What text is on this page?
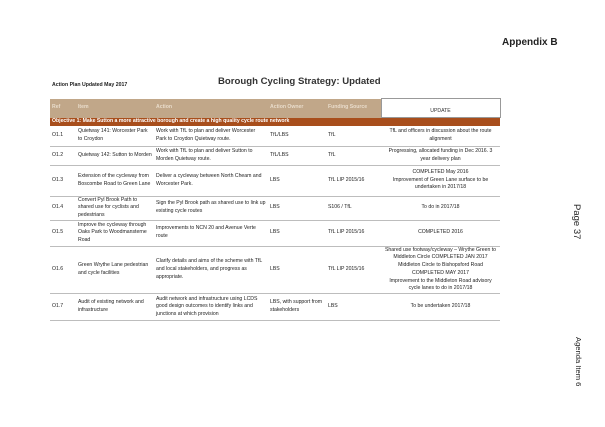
Appendix B
Action Plan Updated May 2017	Borough Cycling Strategy: Updated
Page 37
Agenda Item 6
Ref	Item	Action	Action Owner	Funding Source	UPDATE
Objective 1: Make Sutton a more attractive borough and create a high quality cycle route network					
O1.1	Quietway 141: Worcester Park to Croydon	Work with TfL to plan and deliver Worcester Park to Croydon Quietway route.	TfL/LBS	TfL	TfL and officers in discussion about the route alignment

O1.2	Quietway 142: Sutton to Morden	Work with TfL to plan and deliver Sutton to Morden Quietway route.	TfL/LBS	TfL	Progressing, allocated funding in Dec 2016. 3 year delivery plan

O1.3	Extension of the cycleway from Boscombe Road to Green Lane	Deliver a cycleway between North Cheam and Worcester Park.	LBS	TfL LIP 2015/16	COMPLETED May 2016
Improvement of Green Lane surface to be undertaken in 2017/18

O1.4	Convert Pyl Brook Path to shared use for cyclists and pedestrians	Sign the Pyl Brook path as shared use to link up existing cycle routes	LBS	S106 / TfL	To do in 2017/18

O1.5	Improve the cycleway through Oaks Park to Woodmansterne Road	Improvements to NCN 20 and Avenue Verte route	LBS	TfL LIP 2015/16	COMPLETED 2016

O1.6	Green Wrythe Lane pedestrian and cycle facilities	Clarify details and aims of the scheme with TfL and local stakeholders, and progress as appropriate.	LBS	TfL LIP 2015/16	Shared use footway/cycleway – Wrythe Green to Middleton Circle COMPLETED JAN 2017
Middleton Circle to Bishopsford Road COMPLETED MAY 2017
Improvement to the Middleton Road advisory cycle lanes to do in 2017/18

O1.7	Audit of existing network and infrastructure	Audit network and infrastructure using LCDS good design outcomes to identify links and junctions at which provision	LBS, with support from stakeholders	LBS	To be undertaken 2017/18
